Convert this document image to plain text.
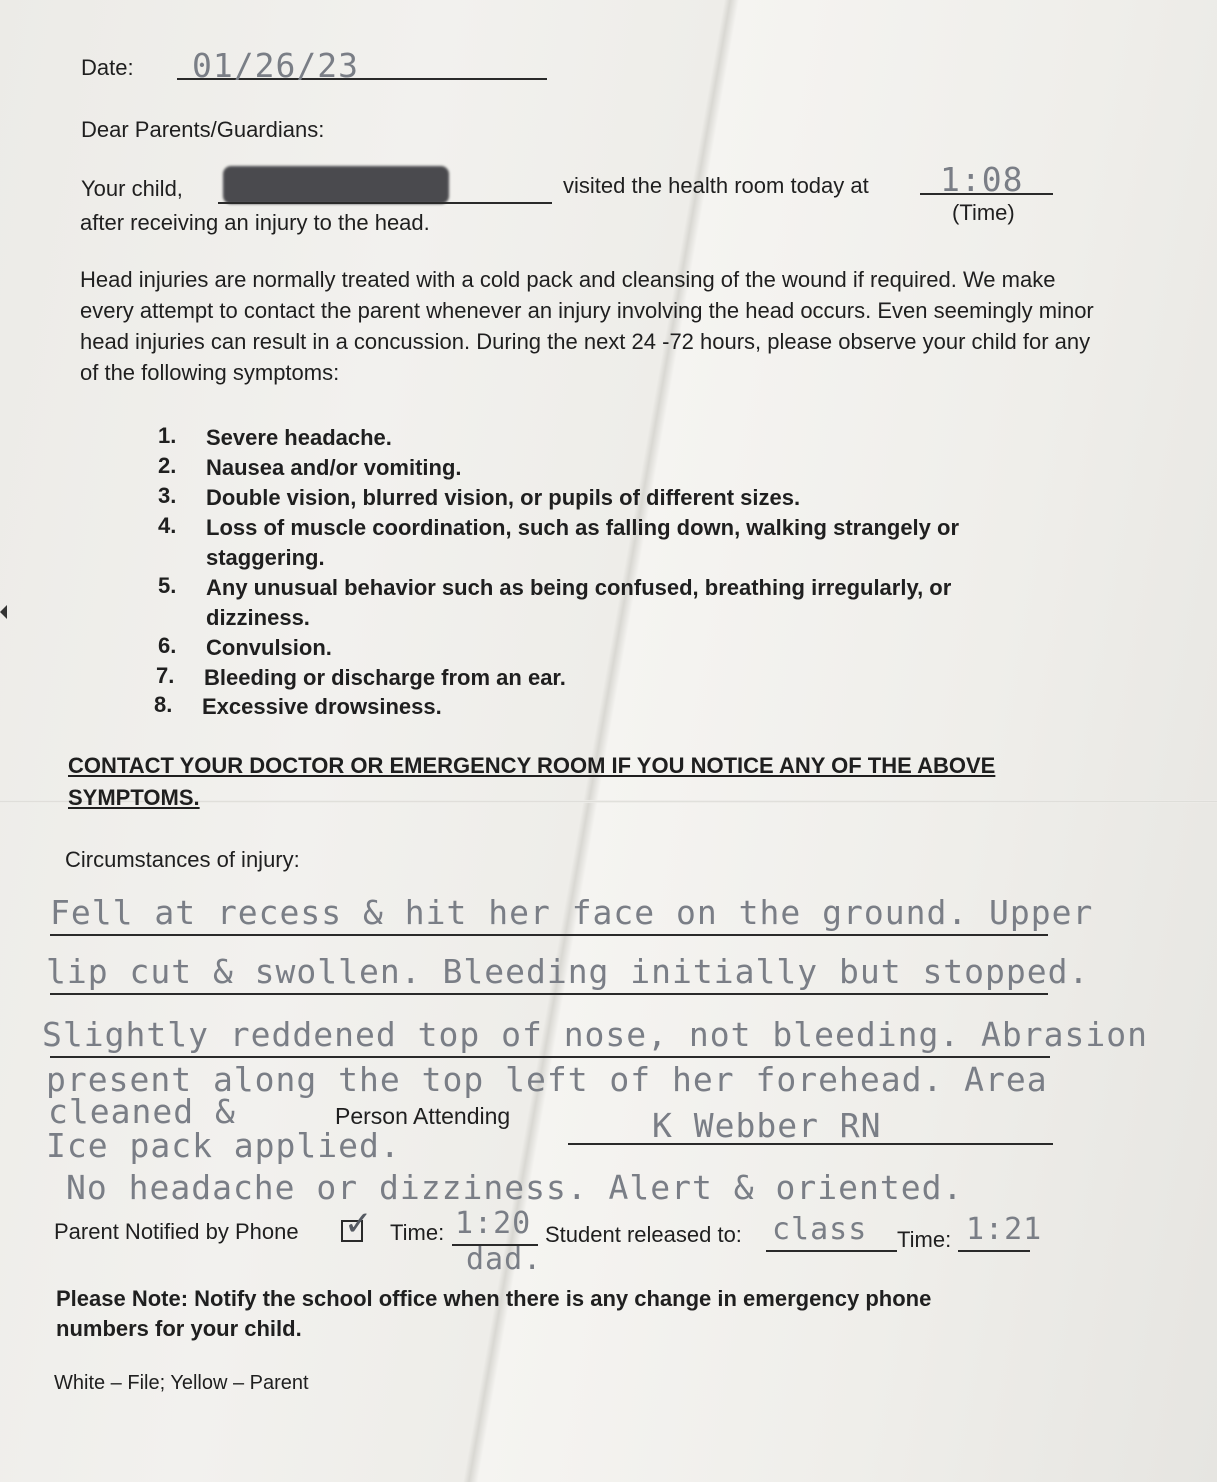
Date: 01/26/23
Dear Parents/Guardians:
Your child,	visited the health room today at 1:08
(Time)
after receiving an injury to the head.
Head injuries are normally treated with a cold pack and cleansing of the wound if required. We make every attempt to contact the parent whenever an injury involving the head occurs. Even seemingly minor head injuries can result in a concussion. During the next 24 -72 hours, please observe your child for any of the following symptoms:
1. Severe headache.
2. Nausea and/or vomiting.
3. Double vision, blurred vision, or pupils of different sizes.
4. Loss of muscle coordination, such as falling down, walking strangely or staggering.
5. Any unusual behavior such as being confused, breathing irregularly, or dizziness.
6. Convulsion.
7. Bleeding or discharge from an ear.
8. Excessive drowsiness.
CONTACT YOUR DOCTOR OR EMERGENCY ROOM IF YOU NOTICE ANY OF THE ABOVE SYMPTOMS.
Circumstances of injury:
Fell at recess & hit her face on the ground. Upper
lip cut & swollen. Bleeding initially but stopped.
Slightly reddened top of nose, not bleeding. Abrasion
present along the top left of her forehead. Area
cleaned &	Person Attending	K Webber RN
Ice pack applied.
No headache or dizziness. Alert & oriented.
Parent Notified by Phone ✓ Time: 1:20
dad.
Student released to: class Time: 1:21
Please Note: Notify the school office when there is any change in emergency phone numbers for your child.
White – File; Yellow – Parent
